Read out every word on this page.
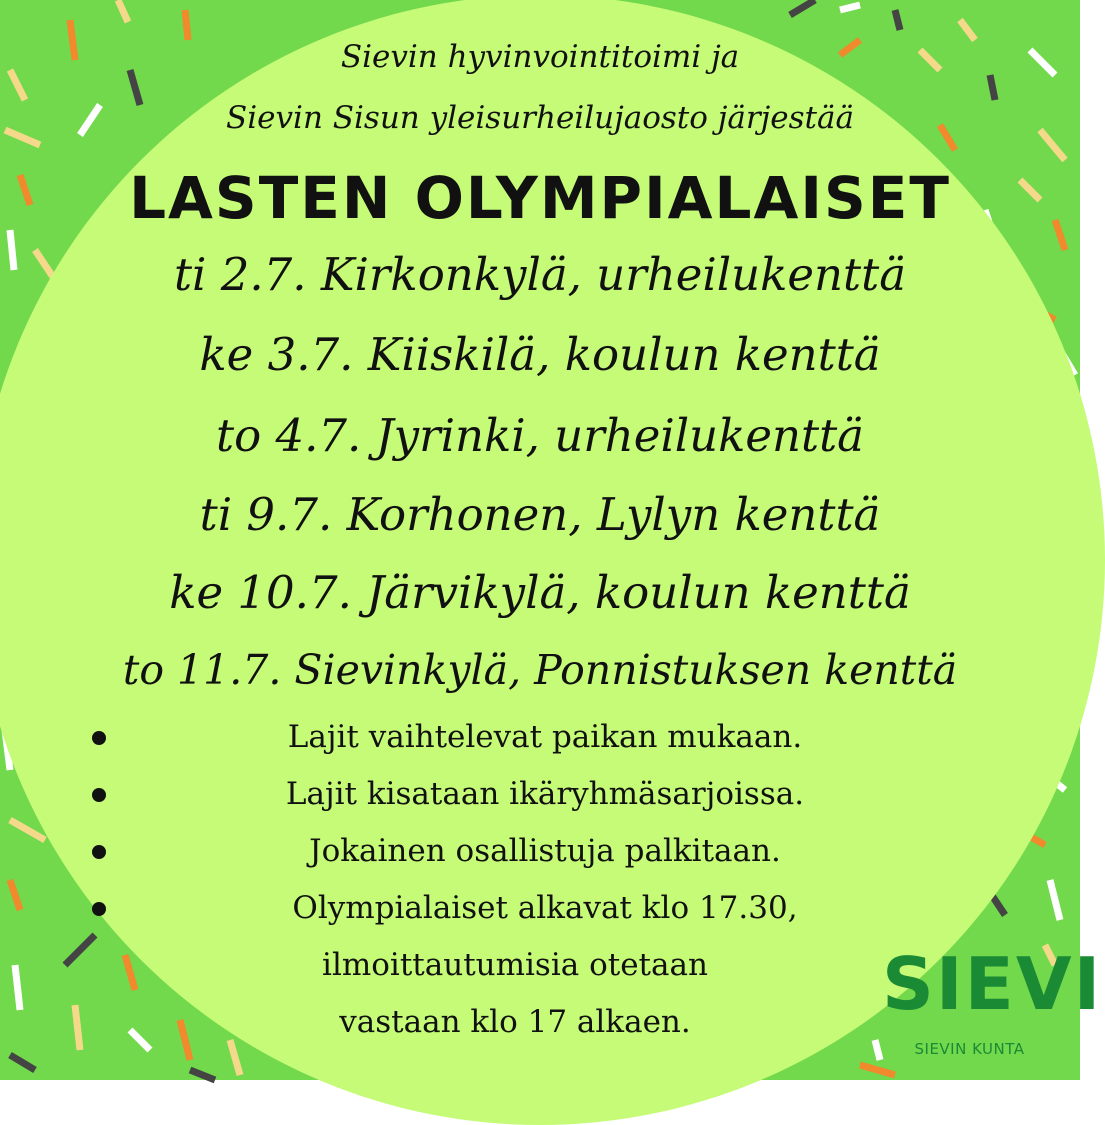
Sievin hyvinvointitoimi ja
Sievin Sisun yleisurheilujaosto järjestää
LASTEN OLYMPIALAISET
ti 2.7. Kirkonkylä, urheilukenttä
ke 3.7. Kiiskilä, koulun kenttä
to 4.7. Jyrinki, urheilukenttä
ti 9.7. Korhonen, Lylyn kenttä
ke 10.7. Järvikylä, koulun kenttä
to 11.7. Sievinkylä, Ponnistuksen kenttä
Lajit vaihtelevat paikan mukaan.
Lajit kisataan ikäryhmäsarjoissa.
Jokainen osallistuja palkitaan.
Olympialaiset alkavat klo 17.30,
ilmoittautumisia otetaan
vastaan klo 17 alkaen.	SIEVI
SIEVIN KUNTA
